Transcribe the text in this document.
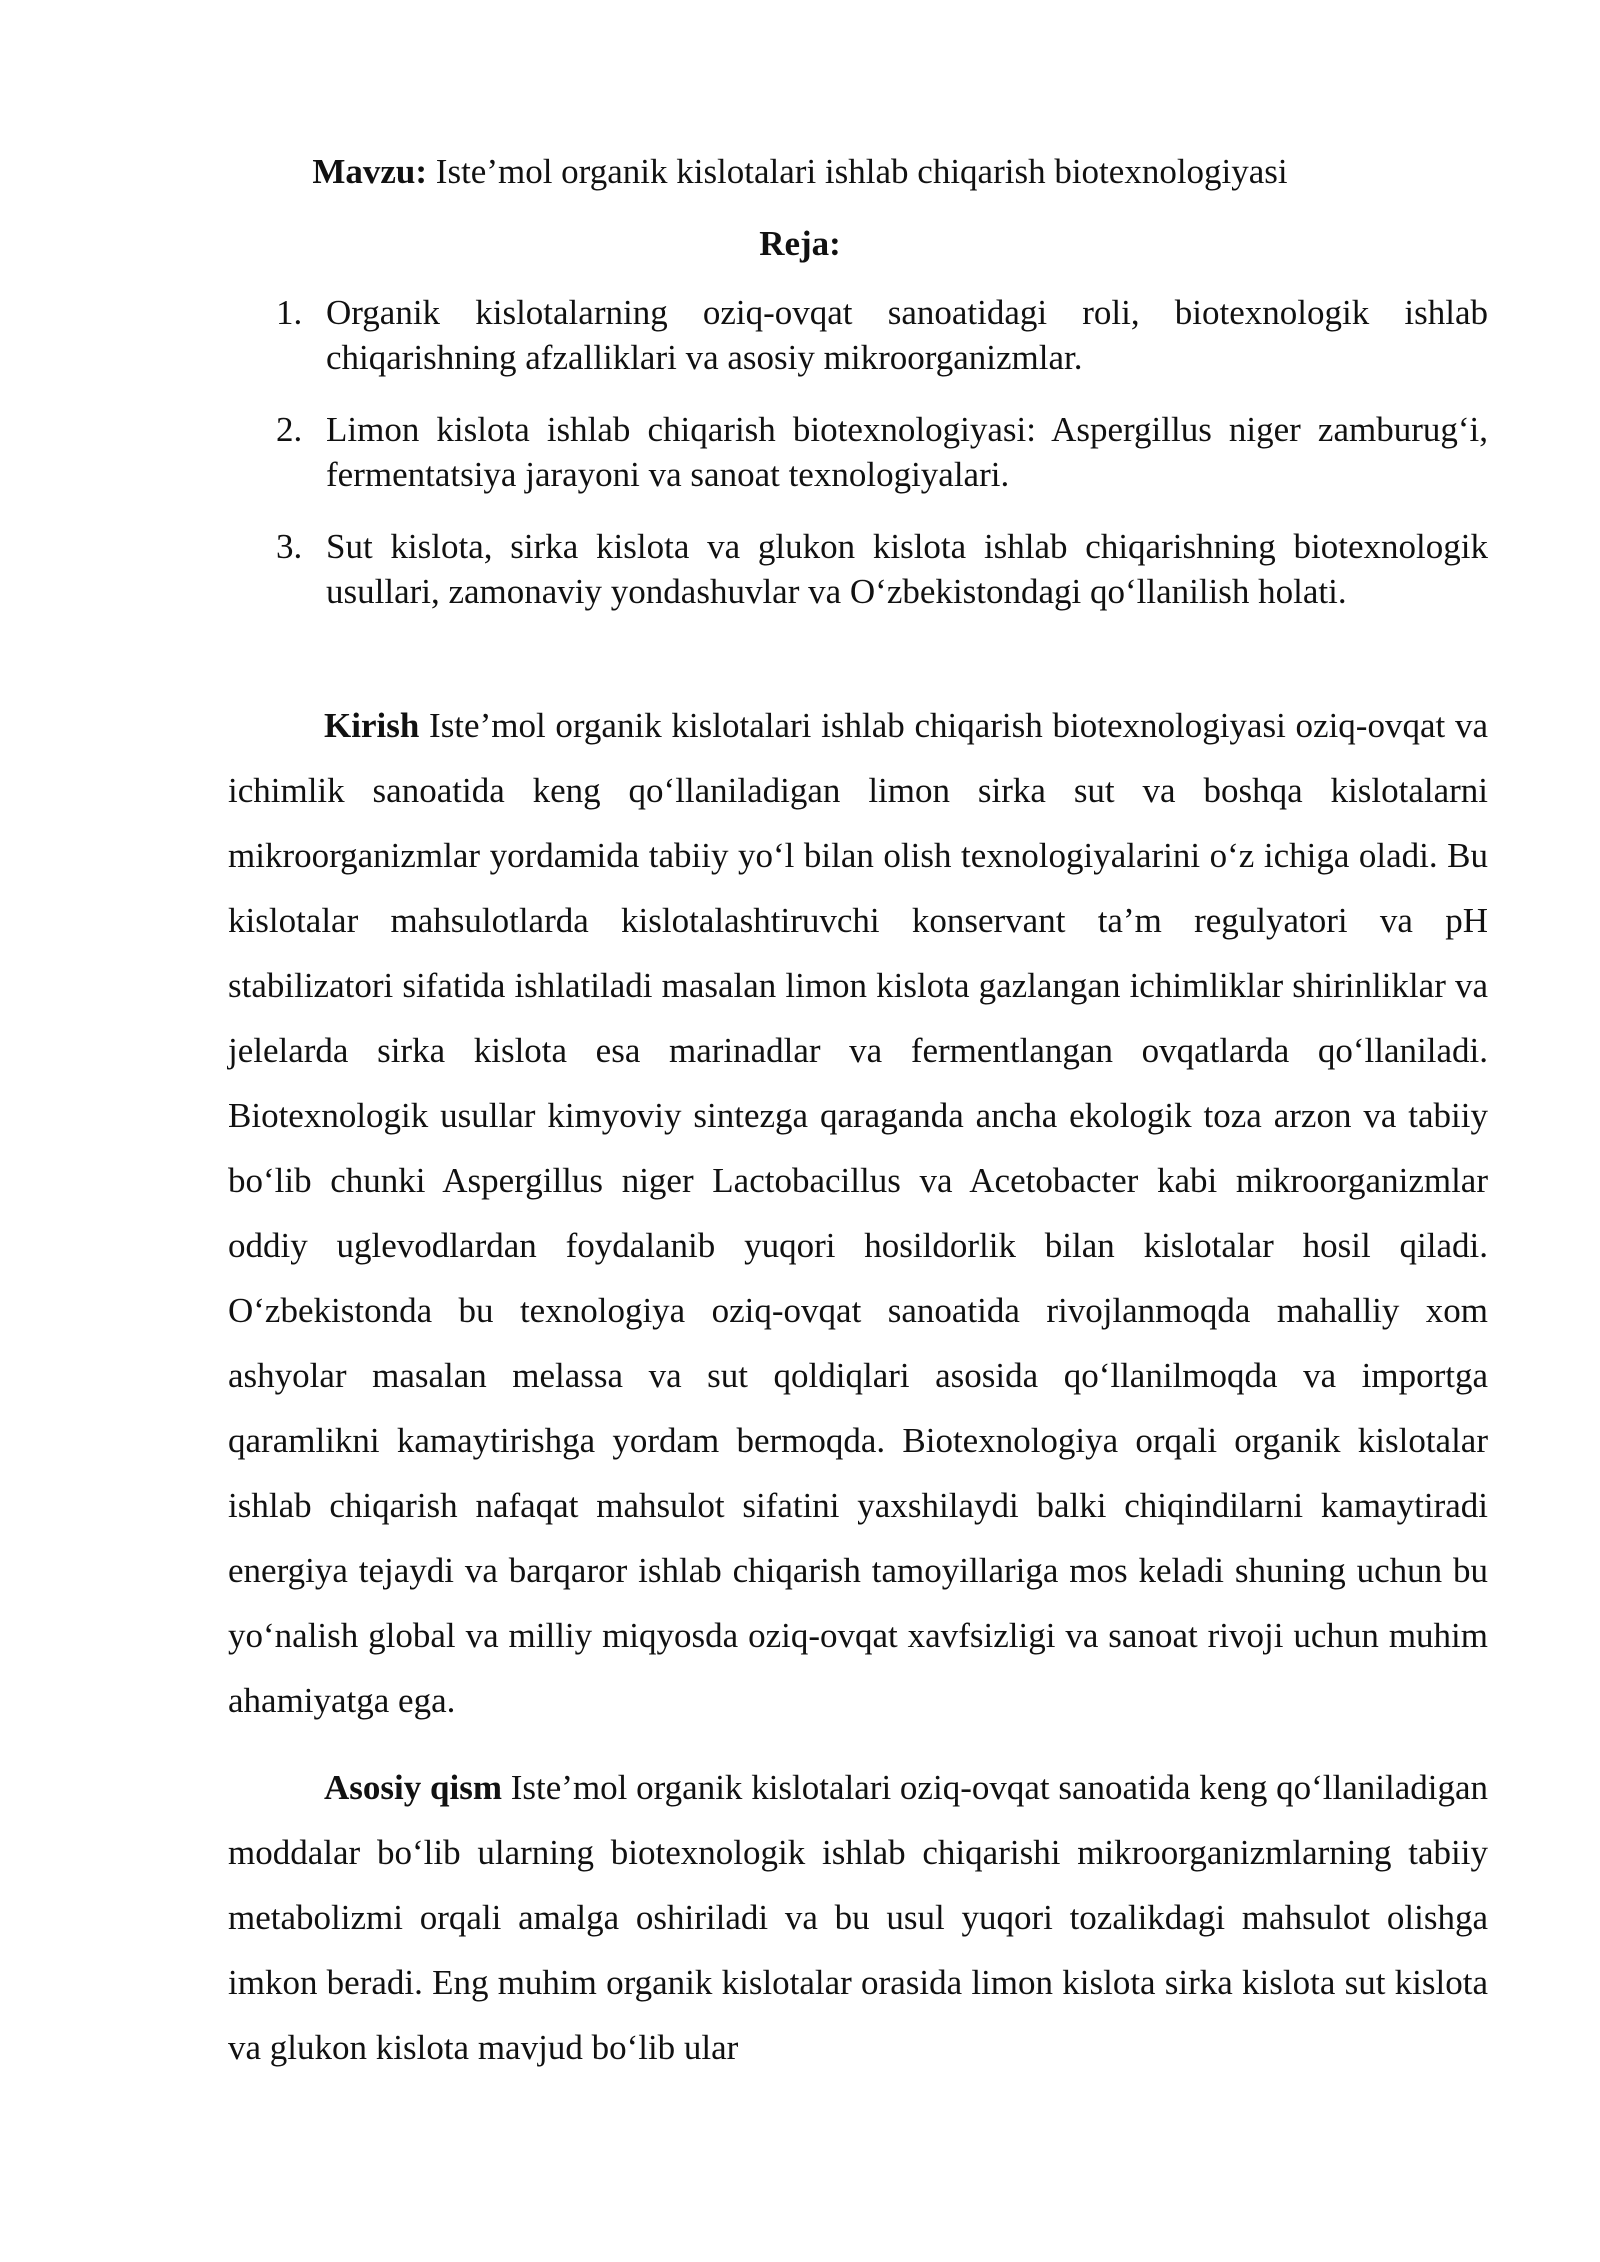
Mavzu: Iste’mol organik kislotalari ishlab chiqarish biotexnologiyasi

Reja:

1. Organik kislotalarning oziq-ovqat sanoatidagi roli, biotexnologik ishlab chiqarishning afzalliklari va asosiy mikroorganizmlar.
2. Limon kislota ishlab chiqarish biotexnologiyasi: Aspergillus niger zamburug‘i, fermentatsiya jarayoni va sanoat texnologiyalari.
3. Sut kislota, sirka kislota va glukon kislota ishlab chiqarishning biotexnologik usullari, zamonaviy yondashuvlar va O‘zbekistondagi qo‘llanilish holati.

Kirish Iste’mol organik kislotalari ishlab chiqarish biotexnologiyasi oziq-ovqat va ichimlik sanoatida keng qo‘llaniladigan limon sirka sut va boshqa kislotalarni mikroorganizmlar yordamida tabiiy yo‘l bilan olish texnologiyalarini o‘z ichiga oladi. Bu kislotalar mahsulotlarda kislotalashtiruvchi konservant ta’m regulyatori va pH stabilizatori sifatida ishlatiladi masalan limon kislota gazlangan ichimliklar shirinliklar va jelelarda sirka kislota esa marinadlar va fermentlangan ovqatlarda qo‘llaniladi. Biotexnologik usullar kimyoviy sintezga qaraganda ancha ekologik toza arzon va tabiiy bo‘lib chunki Aspergillus niger Lactobacillus va Acetobacter kabi mikroorganizmlar oddiy uglevodlardan foydalanib yuqori hosildorlik bilan kislotalar hosil qiladi. O‘zbekistonda bu texnologiya oziq-ovqat sanoatida rivojlanmoqda mahalliy xom ashyolar masalan melassa va sut qoldiqlari asosida qo‘llanilmoqda va importga qaramlikni kamaytirishga yordam bermoqda. Biotexnologiya orqali organik kislotalar ishlab chiqarish nafaqat mahsulot sifatini yaxshilaydi balki chiqindilarni kamaytiradi energiya tejaydi va barqaror ishlab chiqarish tamoyillariga mos keladi shuning uchun bu yo‘nalish global va milliy miqyosda oziq-ovqat xavfsizligi va sanoat rivoji uchun muhim ahamiyatga ega.

Asosiy qism Iste’mol organik kislotalari oziq-ovqat sanoatida keng qo‘llaniladigan moddalar bo‘lib ularning biotexnologik ishlab chiqarishi mikroorganizmlarning tabiiy metabolizmi orqali amalga oshiriladi va bu usul yuqori tozalikdagi mahsulot olishga imkon beradi. Eng muhim organik kislotalar orasida limon kislota sirka kislota sut kislota va glukon kislota mavjud bo‘lib ular
